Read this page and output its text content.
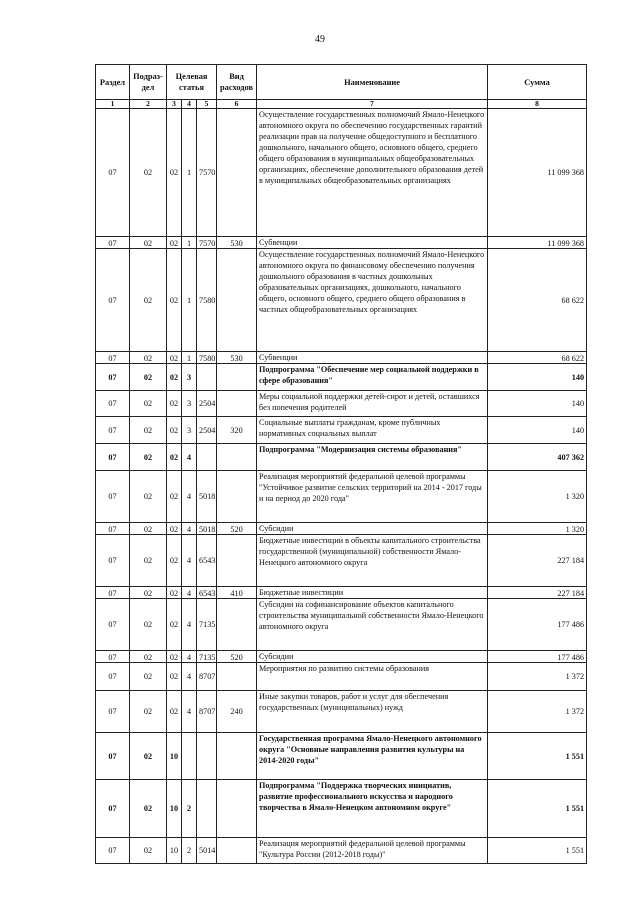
49
Раздел	Подраз-дел	Целевая статья			Вид расходов	Наименование	Сумма
1	2	3	4	5	6	7	8
07	02	02	1	7570		Осуществление государственных полномочий Ямало-Ненецкого автономного округа по обеспечению государственных гарантий реализации прав на получение общедоступного и бесплатного дошкольного, начального общего, основного общего, среднего общего образования в муниципальных общеобразовательных организациях, обеспечение дополнительного образования детей в муниципальных общеобразовательных организациях	11 099 368
07	02	02	1	7570	530	Субвенции	11 099 368
07	02	02	1	7580		Осуществление государственных полномочий Ямало-Ненецкого автономного округа по финансовому обеспечению получения дошкольного образования в частных дошкольных образовательных организациях, дошкольного, начального общего, основного общего, среднего общего образования в частных общеобразовательных организациях	68 622
07	02	02	1	7580	530	Субвенции	68 622
07	02	02	3			Подпрограмма "Обеспечение мер социальной поддержки в сфере образования"	140
07	02	02	3	2504		Меры социальной поддержки детей-сирот и детей, оставшихся без попечения родителей	140
07	02	02	3	2504	320	Социальные выплаты гражданам, кроме публичных нормативных социальных выплат	140
07	02	02	4			Подпрограмма "Модернизация системы образования"	407 362
07	02	02	4	5018		Реализация мероприятий федеральной целевой программы "Устойчивое развитие сельских территорий на 2014 - 2017 годы и на период до 2020 года"	1 320
07	02	02	4	5018	520	Субсидии	1 320
07	02	02	4	6543		Бюджетные инвестиции в объекты капитального строительства государственной (муниципальной) собственности Ямало-Ненецкого автономного округа	227 184
07	02	02	4	6543	410	Бюджетные инвестиции	227 184
07	02	02	4	7135		Субсидии на софинансирование объектов капитального строительства муниципальной собственности Ямало-Ненецкого автономного округа	177 486
07	02	02	4	7135	520	Субсидии	177 486
07	02	02	4	8707		Мероприятия по развитию системы образования	1 372
07	02	02	4	8707	240	Иные закупки товаров, работ и услуг для обеспечения государственных (муниципальных) нужд	1 372
07	02	10				Государственная программа Ямало-Ненецкого автономного округа "Основные направления развития культуры на 2014-2020 годы"	1 551
07	02	10	2			Подпрограмма "Поддержка творческих инициатив, развитие профессионального искусства и народного творчества в Ямало-Ненецком автономном округе"	1 551
07	02	10	2	5014		Реализация мероприятий федеральной целевой программы "Культура России (2012-2018 годы)"	1 551
